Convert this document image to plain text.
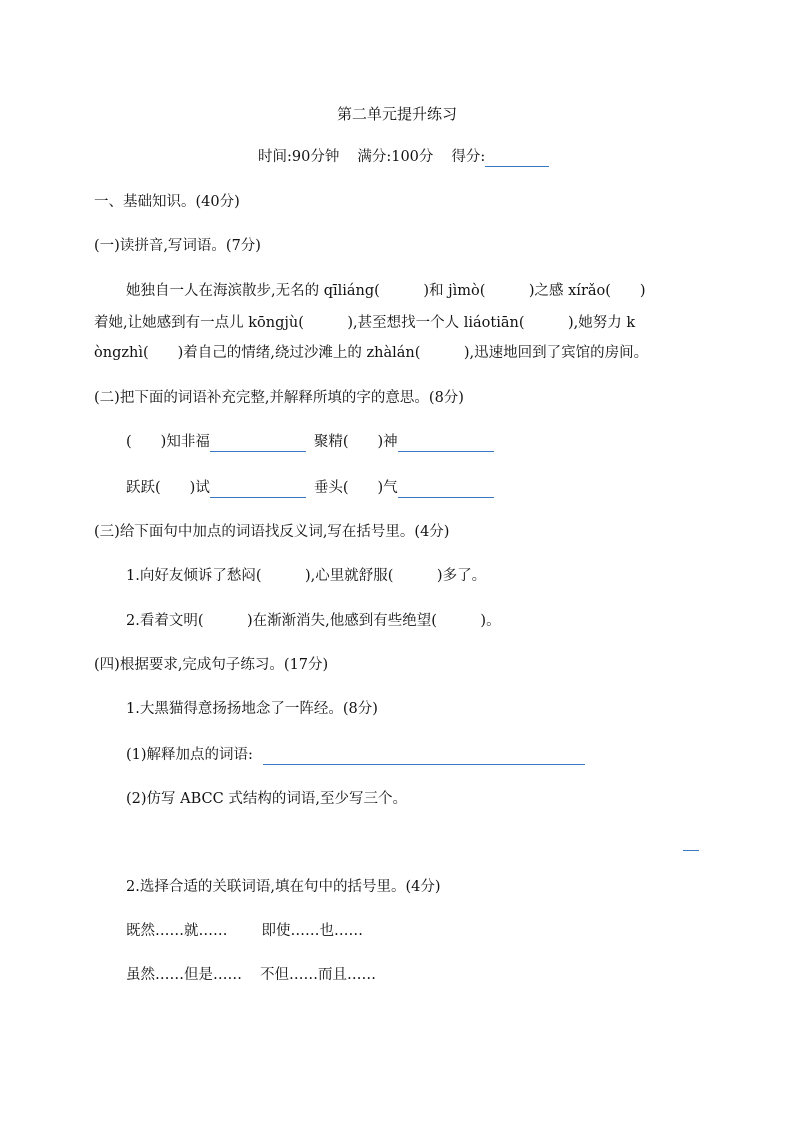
第二单元提升练习
时间:90分钟 满分:100分 得分:
一、基础知识。(40分)
(一)读拼音,写词语。(7分)
她独自一人在海滨散步,无名的 qīliáng(　　　)和 jìmò(　　　)之感 xírǎo(　　)
着她,让她感到有一点儿 kōngjù(　　　),甚至想找一个人 liáotiān(　　　),她努力 k
òngzhì(　　)着自己的情绪,绕过沙滩上的 zhàlán(　　　),迅速地回到了宾馆的房间。
(二)把下面的词语补充完整,并解释所填的字的意思。(8分)
(　　)知非福	聚精(　　)神
跃跃(　　)试	垂头(　　)气
(三)给下面句中加点的词语找反义词,写在括号里。(4分)
1.向好友倾诉了愁闷(　　　),心里就舒服(　　　)多了。
2.看着文明(　　　)在渐渐消失,他感到有些绝望(　　　)。
(四)根据要求,完成句子练习。(17分)
1.大黑猫得意扬扬地念了一阵经。(8分)
(1)解释加点的词语:
(2)仿写 ABCC 式结构的词语,至少写三个。
2.选择合适的关联词语,填在句中的括号里。(4分)
既然……就…… 即使……也……
虽然……但是…… 不但……而且……
